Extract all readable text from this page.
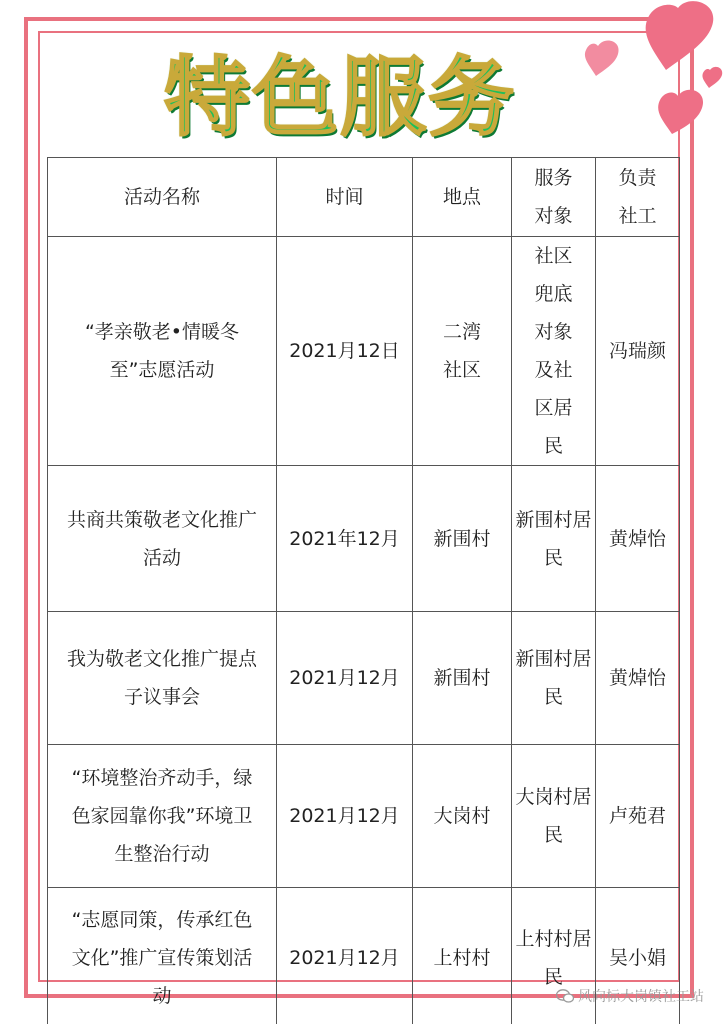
特色服务
活动名称	时间	地点	服务对象	负责社工

“孝亲敬老•情暖冬至”志愿活动	2021月12日	二湾社区	社区兜底对象及社区居民	冯瑞颜

共商共策敬老文化推广活动	2021年12月	新围村	新围村居民	黄焯怡

我为敬老文化推广提点子议事会	2021月12月	新围村	新围村居民	黄焯怡

“环境整治齐动手，绿色家园靠你我”环境卫生整治行动	2021月12月	大岗村	大岗村居民	卢苑君

“志愿同策，传承红色文化”推广宣传策划活动	2021月12月	上村村	上村村居民	吴小娟
风向标大岗镇社工站
